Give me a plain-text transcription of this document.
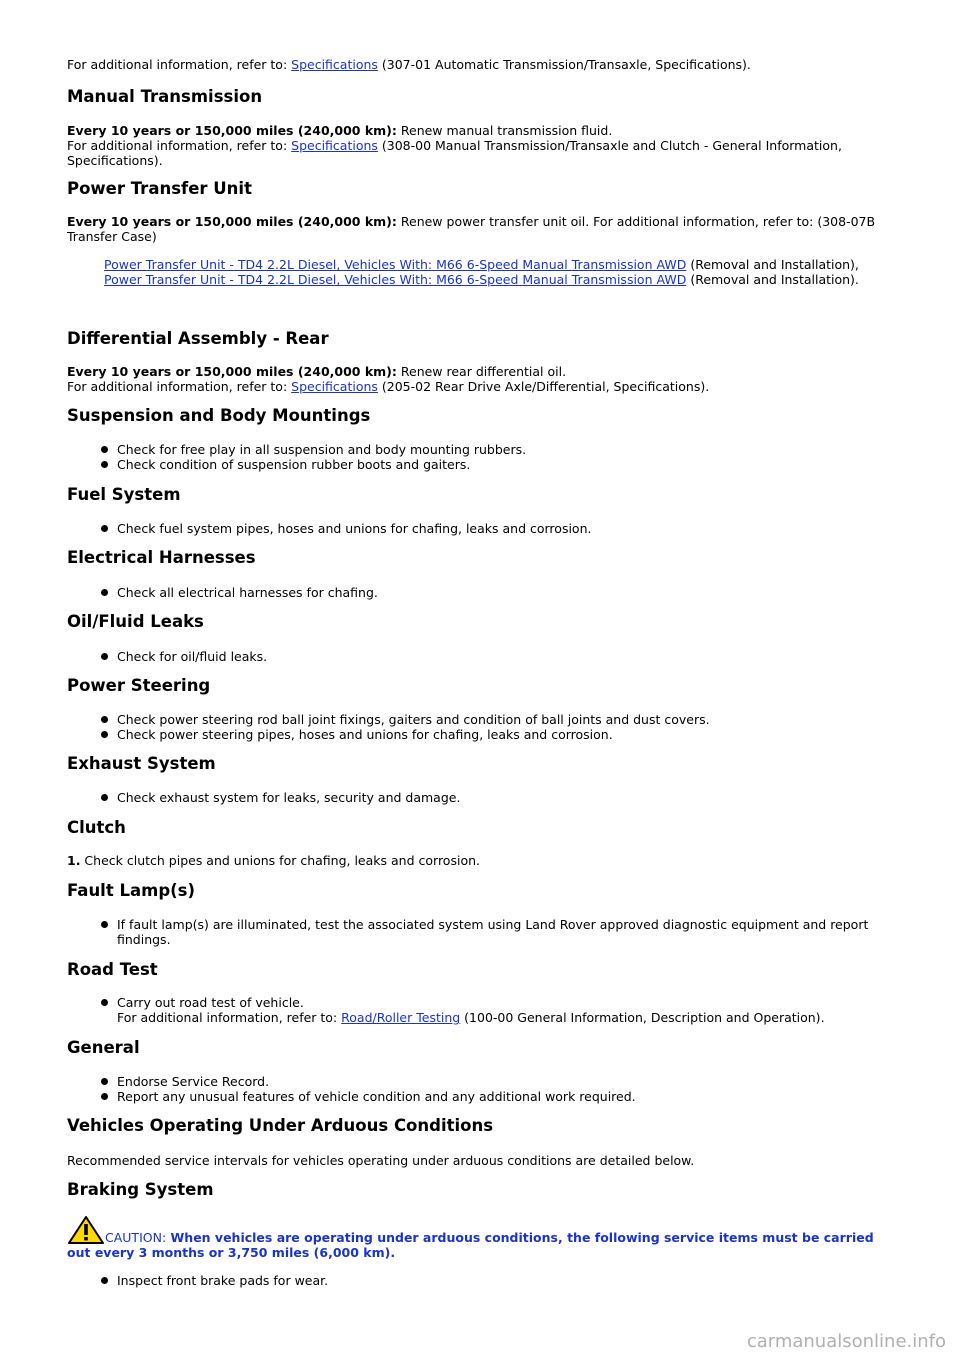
For additional information, refer to: Specifications (307-01 Automatic Transmission/Transaxle, Specifications).

Manual Transmission

Every 10 years or 150,000 miles (240,000 km): Renew manual transmission fluid.
For additional information, refer to: Specifications (308-00 Manual Transmission/Transaxle and Clutch - General Information, Specifications).

Power Transfer Unit

Every 10 years or 150,000 miles (240,000 km): Renew power transfer unit oil. For additional information, refer to: (308-07B Transfer Case)

Power Transfer Unit - TD4 2.2L Diesel, Vehicles With: M66 6-Speed Manual Transmission AWD (Removal and Installation),
Power Transfer Unit - TD4 2.2L Diesel, Vehicles With: M66 6-Speed Manual Transmission AWD (Removal and Installation).

Differential Assembly - Rear

Every 10 years or 150,000 miles (240,000 km): Renew rear differential oil.
For additional information, refer to: Specifications (205-02 Rear Drive Axle/Differential, Specifications).

Suspension and Body Mountings
Check for free play in all suspension and body mounting rubbers.
Check condition of suspension rubber boots and gaiters.
Fuel System
Check fuel system pipes, hoses and unions for chafing, leaks and corrosion.
Electrical Harnesses
Check all electrical harnesses for chafing.
Oil/Fluid Leaks
Check for oil/fluid leaks.
Power Steering
Check power steering rod ball joint fixings, gaiters and condition of ball joints and dust covers.
Check power steering pipes, hoses and unions for chafing, leaks and corrosion.
Exhaust System
Check exhaust system for leaks, security and damage.
Clutch

1. Check clutch pipes and unions for chafing, leaks and corrosion.

Fault Lamp(s)
If fault lamp(s) are illuminated, test the associated system using Land Rover approved diagnostic equipment and report findings.
Road Test
Carry out road test of vehicle.
For additional information, refer to: Road/Roller Testing (100-00 General Information, Description and Operation).
General
Endorse Service Record.
Report any unusual features of vehicle condition and any additional work required.
Vehicles Operating Under Arduous Conditions

Recommended service intervals for vehicles operating under arduous conditions are detailed below.

Braking System

CAUTION: When vehicles are operating under arduous conditions, the following service items must be carried out every 3 months or 3,750 miles (6,000 km).

Inspect front brake pads for wear.
carmanualsonline.info
